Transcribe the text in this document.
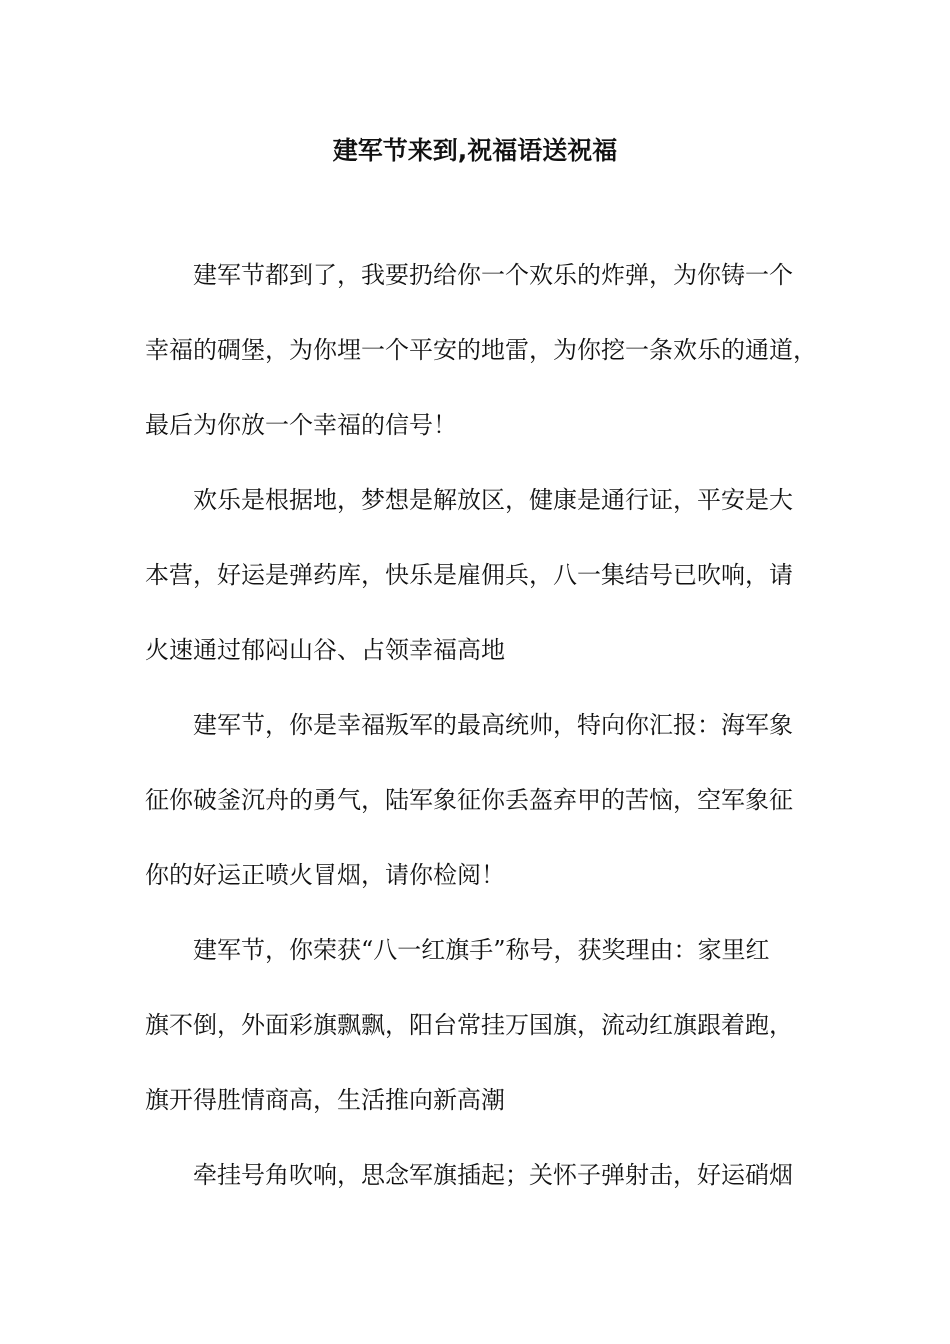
建军节来到,祝福语送祝福
建军节都到了，我要扔给你一个欢乐的炸弹，为你铸一个
幸福的碉堡，为你埋一个平安的地雷，为你挖一条欢乐的通道，
最后为你放一个幸福的信号！
欢乐是根据地，梦想是解放区，健康是通行证，平安是大
本营，好运是弹药库，快乐是雇佣兵，八一集结号已吹响，请
火速通过郁闷山谷、占领幸福高地
建军节，你是幸福叛军的最高统帅，特向你汇报：海军象
征你破釜沉舟的勇气，陆军象征你丢盔弃甲的苦恼，空军象征
你的好运正喷火冒烟，请你检阅！
建军节，你荣获“八一红旗手”称号，获奖理由：家里红
旗不倒，外面彩旗飘飘，阳台常挂万国旗，流动红旗跟着跑，
旗开得胜情商高，生活推向新高潮
牵挂号角吹响，思念军旗插起；关怀子弹射击，好运硝烟
